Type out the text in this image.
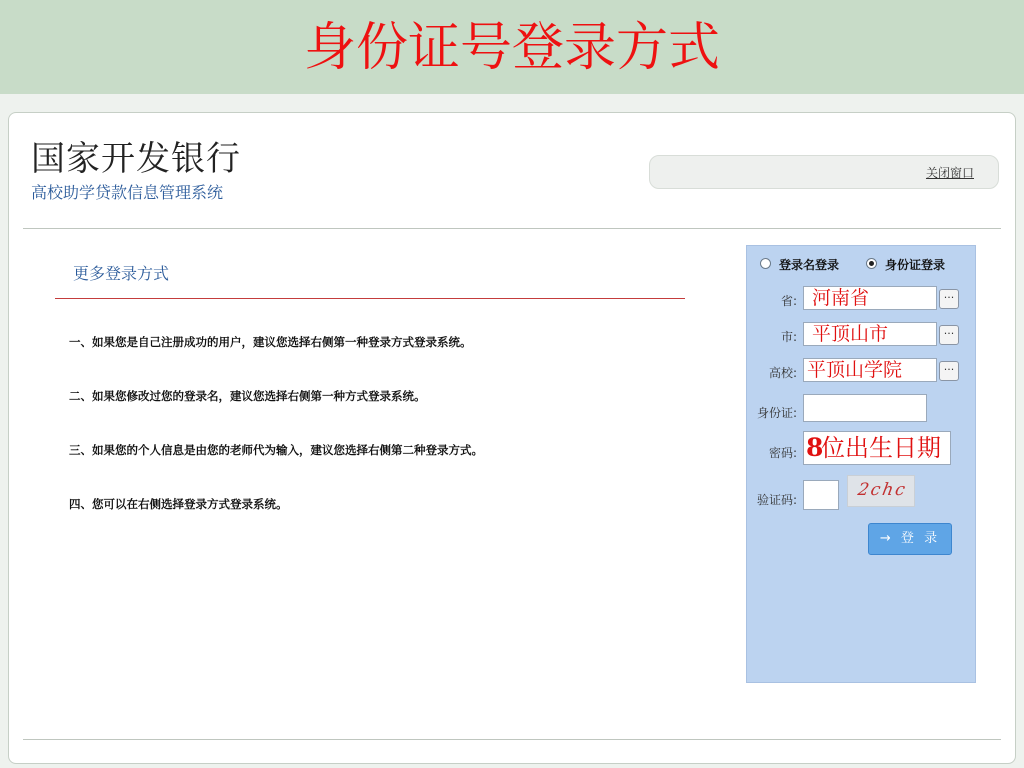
身份证号登录方式
国家开发银行
高校助学贷款信息管理系统
关闭窗口
更多登录方式
一、如果您是自己注册成功的用户，建议您选择右侧第一种登录方式登录系统。
二、如果您修改过您的登录名，建议您选择右侧第一种方式登录系统。
三、如果您的个人信息是由您的老师代为输入，建议您选择右侧第二种登录方式。
四、您可以在右侧选择登录方式登录系统。
登录名登录	身份证登录
省: 河南省	···
市: 平顶山市	···
高校: 平顶山学院	···
身份证:
密码: 8
位出生日期
验证码:	2chc
→ 登 录
